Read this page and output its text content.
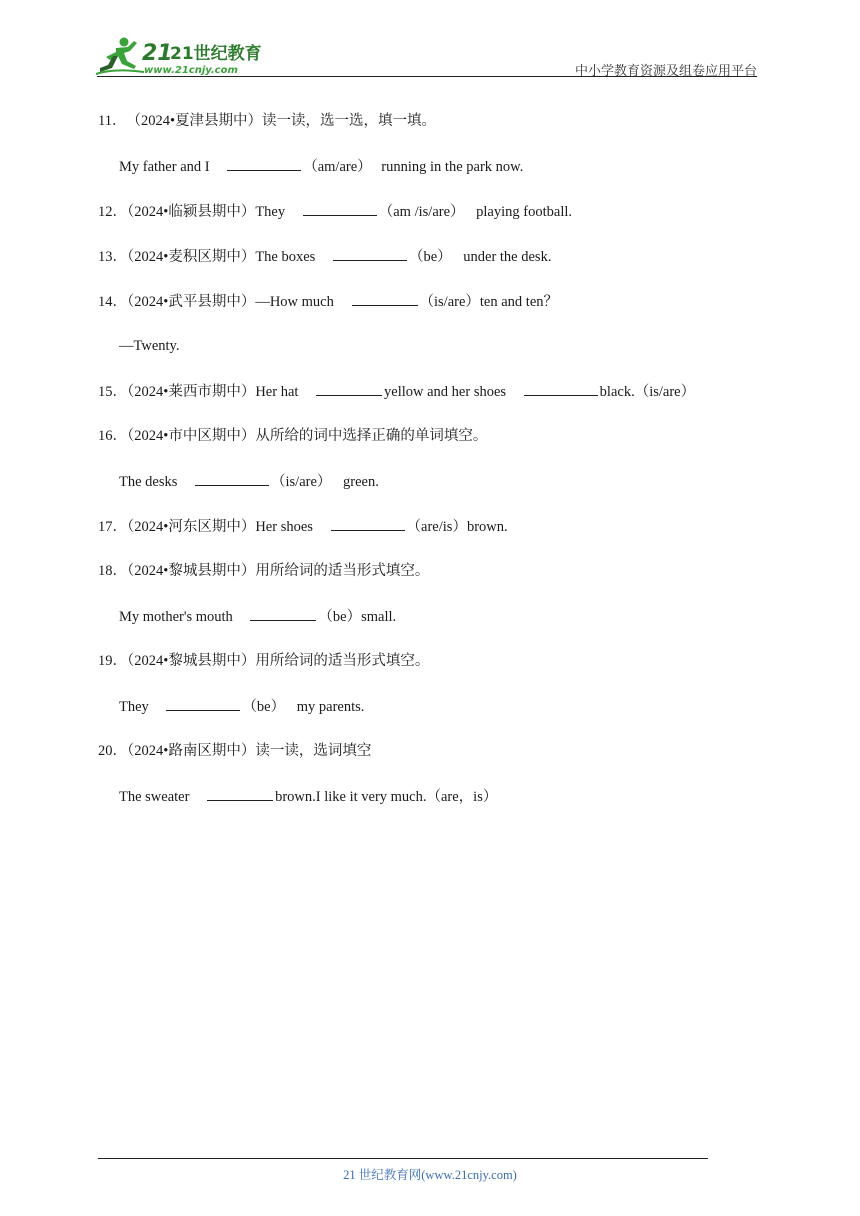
21
21世纪教育
www.21cnjy.com	中小学教育资源及组卷应用平台
11．（2024•夏津县期中）读一读，选一选，填一填。
My father and I	（am/are） running in the park now.
12．（2024•临颍县期中）They	（am /is/are） playing football.
13．（2024•麦积区期中）The boxes	（be） under the desk.
14．（2024•武平县期中）—How much	（is/are）ten and ten？
—Twenty.
15．（2024•莱西市期中）Her hat	yellow and her shoes	black.（is/are）
16．（2024•市中区期中）从所给的词中选择正确的单词填空。
The desks	（is/are） green.
17．（2024•河东区期中）Her shoes	（are/is）brown.
18．（2024•黎城县期中）用所给词的适当形式填空。
My mother's mouth	（be）small.
19．（2024•黎城县期中）用所给词的适当形式填空。
They	（be） my parents.
20．（2024•路南区期中）读一读，选词填空
The sweater	brown.I like it very much.（are，is）
21 世纪教育网(www.21cnjy.com)
